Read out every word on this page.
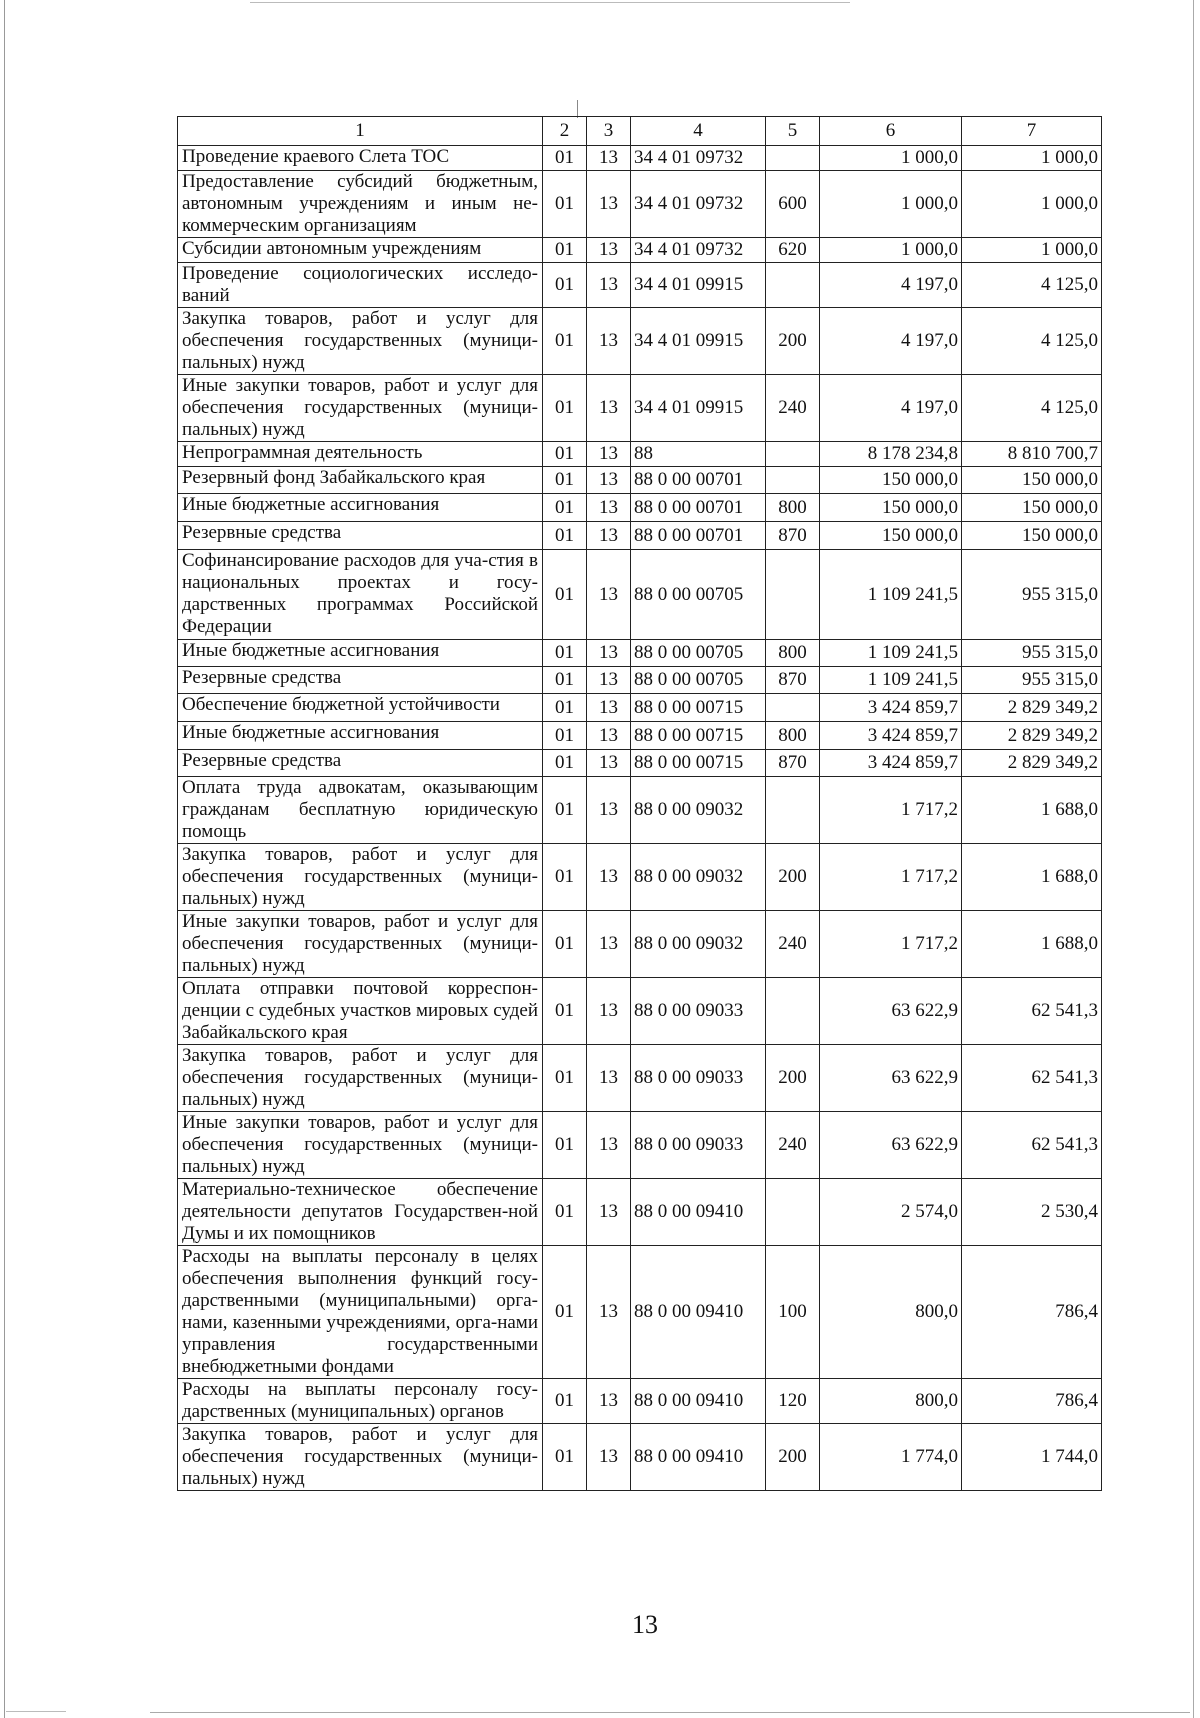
1	2	3	4	5	6	7
Проведение краевого Слета ТОС	01	13	34 4 01 09732		1 000,0	1 000,0
Предоставление субсидий бюджетным, автономным учреждениям и иным не-коммерческим организациям	01	13	34 4 01 09732	600	1 000,0	1 000,0
Субсидии автономным учреждениям	01	13	34 4 01 09732	620	1 000,0	1 000,0
Проведение социологических исследо-ваний	01	13	34 4 01 09915		4 197,0	4 125,0
Закупка товаров, работ и услуг для обеспечения государственных (муници-пальных) нужд	01	13	34 4 01 09915	200	4 197,0	4 125,0
Иные закупки товаров, работ и услуг для обеспечения государственных (муници-пальных) нужд	01	13	34 4 01 09915	240	4 197,0	4 125,0
Непрограммная деятельность	01	13	88		8 178 234,8	8 810 700,7
Резервный фонд Забайкальского края	01	13	88 0 00 00701		150 000,0	150 000,0
Иные бюджетные ассигнования	01	13	88 0 00 00701	800	150 000,0	150 000,0
Резервные средства	01	13	88 0 00 00701	870	150 000,0	150 000,0
Софинансирование расходов для уча-стия в национальных проектах и госу-дарственных программах Российской Федерации	01	13	88 0 00 00705		1 109 241,5	955 315,0
Иные бюджетные ассигнования	01	13	88 0 00 00705	800	1 109 241,5	955 315,0
Резервные средства	01	13	88 0 00 00705	870	1 109 241,5	955 315,0
Обеспечение бюджетной устойчивости	01	13	88 0 00 00715		3 424 859,7	2 829 349,2
Иные бюджетные ассигнования	01	13	88 0 00 00715	800	3 424 859,7	2 829 349,2
Резервные средства	01	13	88 0 00 00715	870	3 424 859,7	2 829 349,2
Оплата труда адвокатам, оказывающим гражданам бесплатную юридическую помощь	01	13	88 0 00 09032		1 717,2	1 688,0
Закупка товаров, работ и услуг для обеспечения государственных (муници-пальных) нужд	01	13	88 0 00 09032	200	1 717,2	1 688,0
Иные закупки товаров, работ и услуг для обеспечения государственных (муници-пальных) нужд	01	13	88 0 00 09032	240	1 717,2	1 688,0
Оплата отправки почтовой корреспон-денции с судебных участков мировых судей Забайкальского края	01	13	88 0 00 09033		63 622,9	62 541,3
Закупка товаров, работ и услуг для обеспечения государственных (муници-пальных) нужд	01	13	88 0 00 09033	200	63 622,9	62 541,3
Иные закупки товаров, работ и услуг для обеспечения государственных (муници-пальных) нужд	01	13	88 0 00 09033	240	63 622,9	62 541,3
Материально-техническое обеспечение деятельности депутатов Государствен-ной Думы и их помощников	01	13	88 0 00 09410		2 574,0	2 530,4
Расходы на выплаты персоналу в целях обеспечения выполнения функций госу-дарственными (муниципальными) орга-нами, казенными учреждениями, орга-нами управления государственными внебюджетными фондами	01	13	88 0 00 09410	100	800,0	786,4
Расходы на выплаты персоналу госу-дарственных (муниципальных) органов	01	13	88 0 00 09410	120	800,0	786,4
Закупка товаров, работ и услуг для обеспечения государственных (муници-пальных) нужд	01	13	88 0 00 09410	200	1 774,0	1 744,0
13
